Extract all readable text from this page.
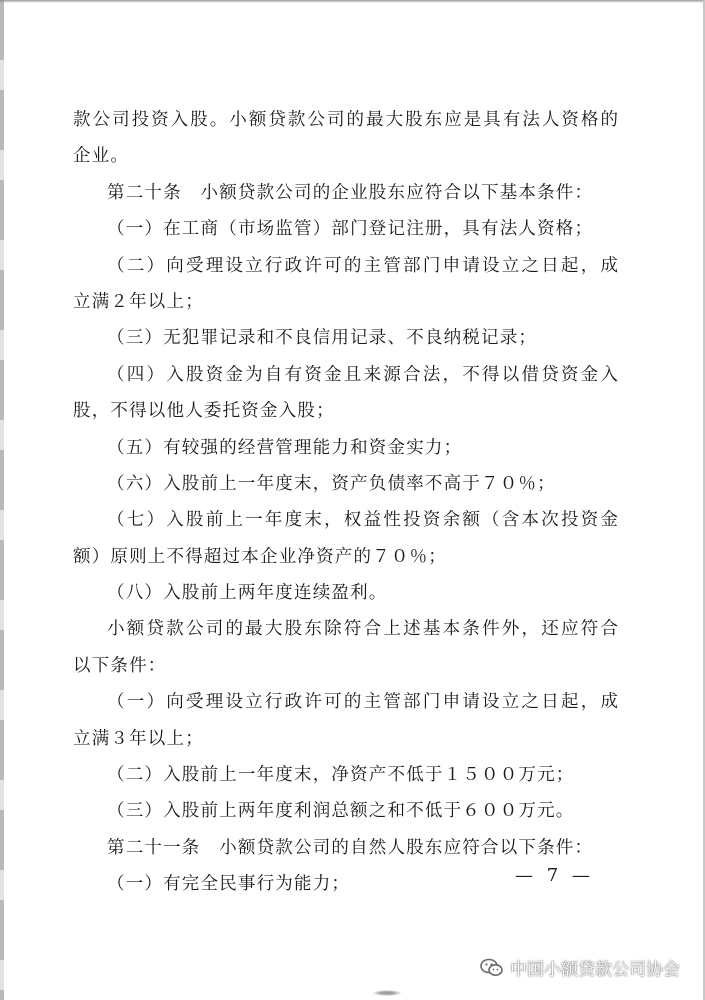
款公司投资入股。小额贷款公司的最大股东应是具有法人资格的
企业。
第二十条　小额贷款公司的企业股东应符合以下基本条件：
（一）在工商（市场监管）部门登记注册，具有法人资格；
（二）向受理设立行政许可的主管部门申请设立之日起，成
立满２年以上；
（三）无犯罪记录和不良信用记录、不良纳税记录；
（四）入股资金为自有资金且来源合法，不得以借贷资金入
股，不得以他人委托资金入股；
（五）有较强的经营管理能力和资金实力；
（六）入股前上一年度末，资产负债率不高于７０％；
（七）入股前上一年度末，权益性投资余额（含本次投资金
额）原则上不得超过本企业净资产的７０％；
（八）入股前上两年度连续盈利。
小额贷款公司的最大股东除符合上述基本条件外，还应符合
以下条件：
（一）向受理设立行政许可的主管部门申请设立之日起，成
立满３年以上；
（二）入股前上一年度末，净资产不低于１５００万元；
（三）入股前上两年度利润总额之和不低于６００万元。
第二十一条　小额贷款公司的自然人股东应符合以下条件：
（一）有完全民事行为能力；	— 7 —
中国小额贷款公司协会
